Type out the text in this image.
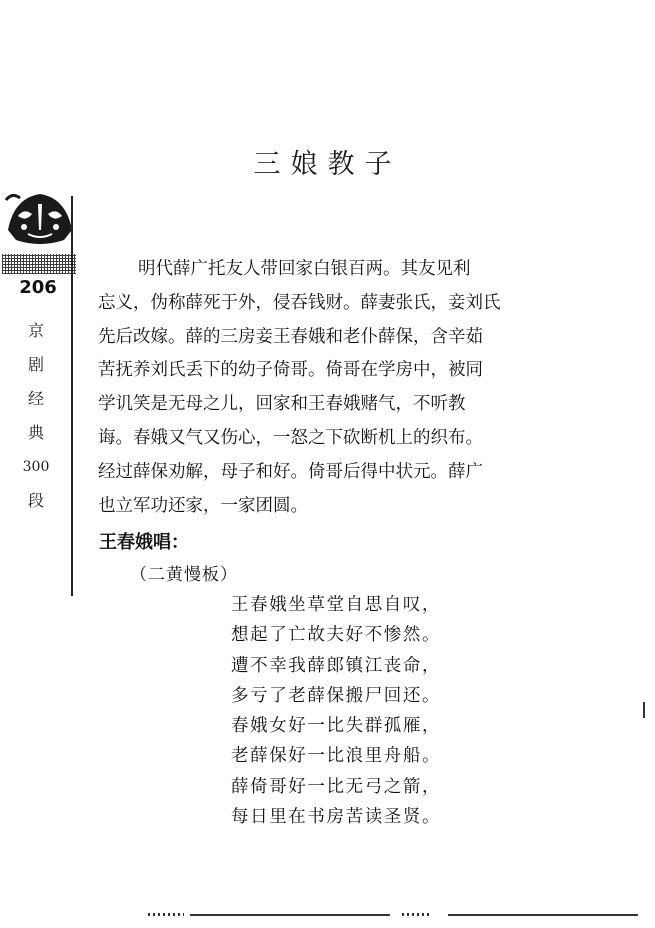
三娘教子
206
京
剧
经
典
300
段
明代薛广托友人带回家白银百两。其友见利
忘义，伪称薛死于外，侵吞钱财。薛妻张氏，妾刘氏
先后改嫁。薛的三房妾王春娥和老仆薛保，含辛茹
苦抚养刘氏丢下的幼子倚哥。倚哥在学房中，被同
学讥笑是无母之儿，回家和王春娥赌气，不听教
诲。春娥又气又伤心，一怒之下砍断机上的织布。
经过薛保劝解，母子和好。倚哥后得中状元。薛广
也立军功还家，一家团圆。
王春娥唱：
（二黄慢板）
王春娥坐草堂自思自叹，
想起了亡故夫好不惨然。
遭不幸我薛郎镇江丧命，
多亏了老薛保搬尸回还。
春娥女好一比失群孤雁，
老薛保好一比浪里舟船。
薛倚哥好一比无弓之箭，
每日里在书房苦读圣贤。
